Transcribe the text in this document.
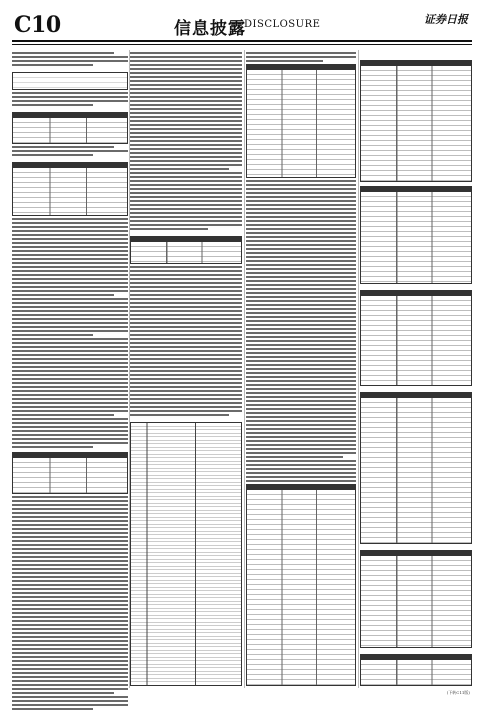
C10	信息披露
DISCLOSURE	证券日报
(下转C11版)
